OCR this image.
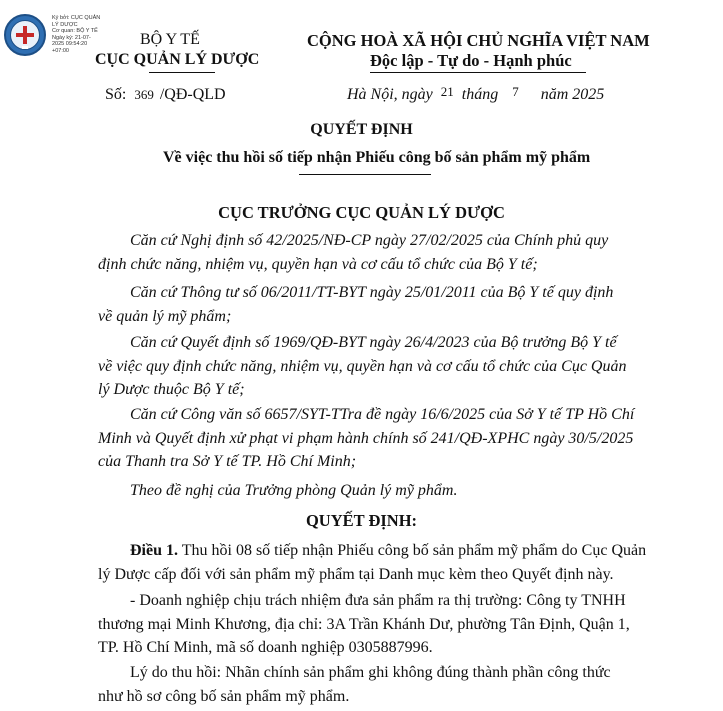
Ký bởi: CỤC QUẢN
LÝ DƯỢC
Cơ quan: BỘ Y TẾ
Ngày ký: 21-07-
2025 09:54:20
+07:00
BỘ Y TẾ
CỤC QUẢN LÝ DƯỢC
CỘNG HOÀ XÃ HỘI CHỦ NGHĨA VIỆT NAM
Độc lập - Tự do - Hạnh phúc
Số: 369 /QĐ-QLD	Hà Nội, ngày 21 tháng 7 năm 2025
QUYẾT ĐỊNH
Về việc thu hồi số tiếp nhận Phiếu công bố sản phẩm mỹ phẩm
CỤC TRƯỞNG CỤC QUẢN LÝ DƯỢC
Căn cứ Nghị định số 42/2025/NĐ-CP ngày 27/02/2025 của Chính phủ quy
định chức năng, nhiệm vụ, quyền hạn và cơ cấu tổ chức của Bộ Y tế;
Căn cứ Thông tư số 06/2011/TT-BYT ngày 25/01/2011 của Bộ Y tế quy định
về quản lý mỹ phẩm;
Căn cứ Quyết định số 1969/QĐ-BYT ngày 26/4/2023 của Bộ trưởng Bộ Y tế
về việc quy định chức năng, nhiệm vụ, quyền hạn và cơ cấu tổ chức của Cục Quản
lý Dược thuộc Bộ Y tế;
Căn cứ Công văn số 6657/SYT-TTra đề ngày 16/6/2025 của Sở Y tế TP Hồ Chí
Minh và Quyết định xử phạt vi phạm hành chính số 241/QĐ-XPHC ngày 30/5/2025
của Thanh tra Sở Y tế TP. Hồ Chí Minh;
Theo đề nghị của Trưởng phòng Quản lý mỹ phẩm.
QUYẾT ĐỊNH:
Điều 1. Thu hồi 08 số tiếp nhận Phiếu công bố sản phẩm mỹ phẩm do Cục Quản
lý Dược cấp đối với sản phẩm mỹ phẩm tại Danh mục kèm theo Quyết định này.
- Doanh nghiệp chịu trách nhiệm đưa sản phẩm ra thị trường: Công ty TNHH
thương mại Minh Khương, địa chỉ: 3A Trần Khánh Dư, phường Tân Định, Quận 1,
TP. Hồ Chí Minh, mã số doanh nghiệp 0305887996.
Lý do thu hồi: Nhãn chính sản phẩm ghi không đúng thành phần công thức
như hồ sơ công bố sản phẩm mỹ phẩm.
